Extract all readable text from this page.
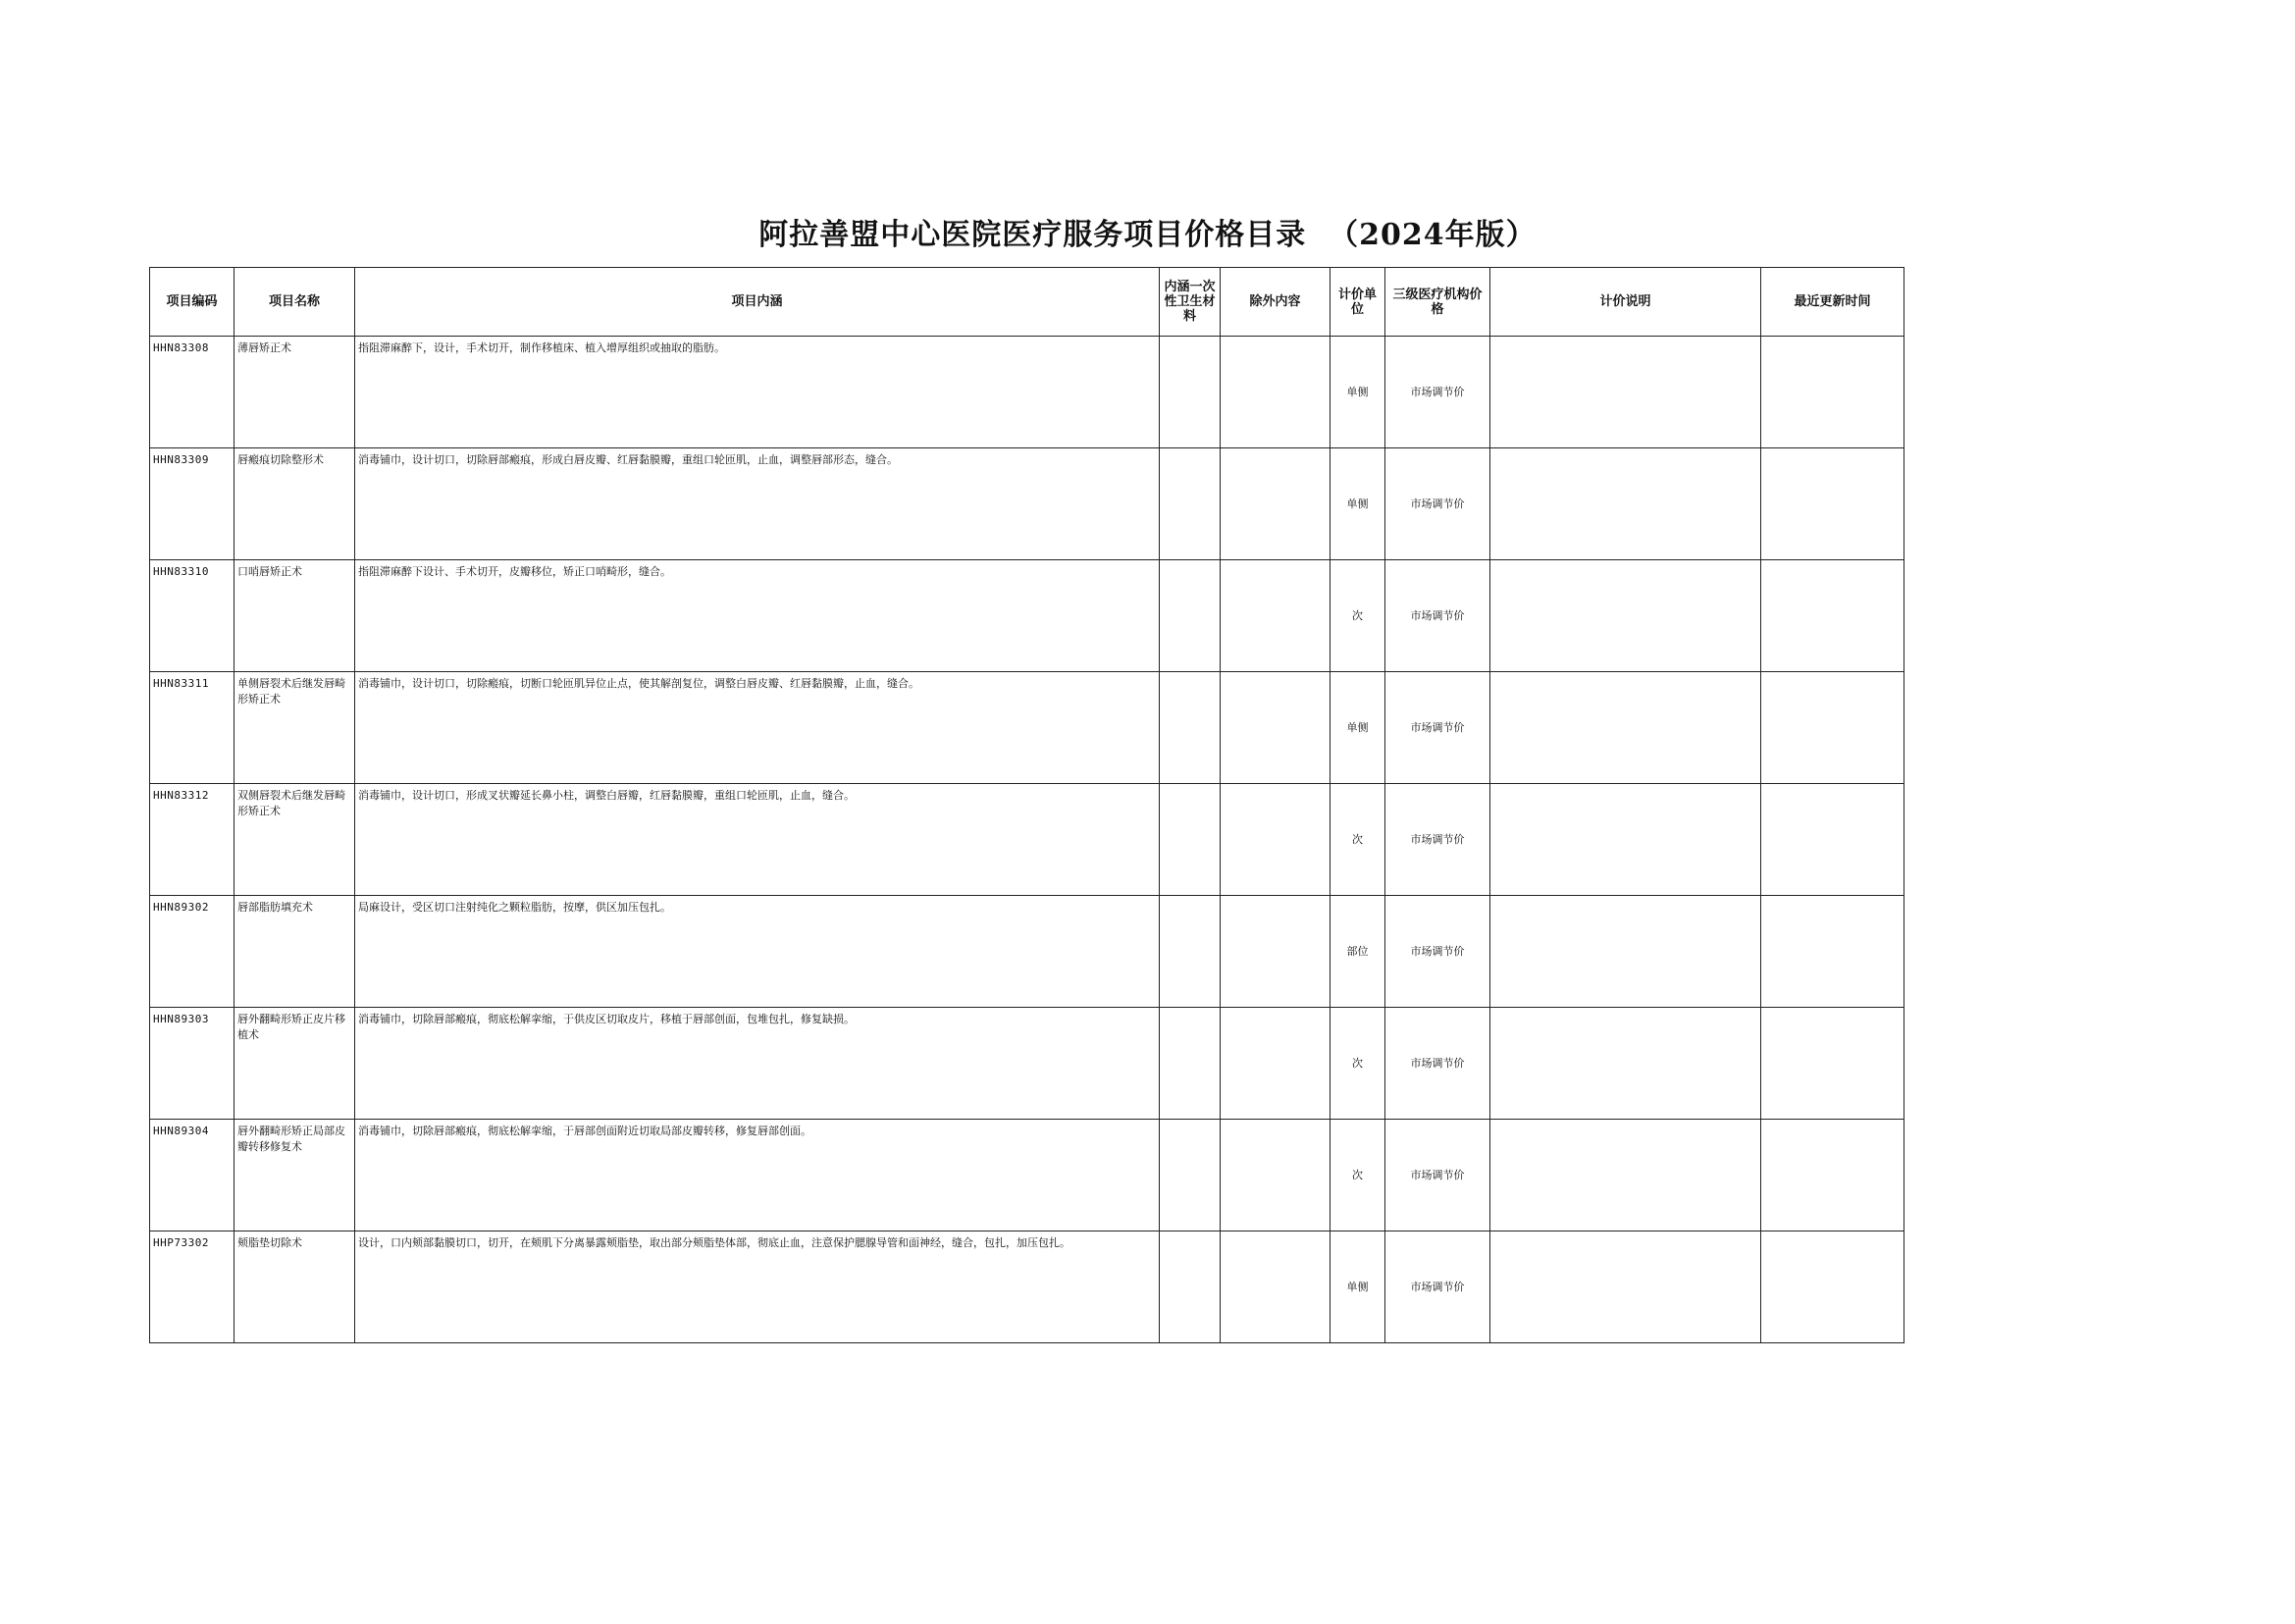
阿拉善盟中心医院医疗服务项目价格目录  （2024年版）
项目编码	项目名称	项目内涵	内涵一次性卫生材料	除外内容	计价单位	三级医疗机构价格	计价说明	最近更新时间
HHN83308	薄唇矫正术	指阻滞麻醉下，设计，手术切开，制作移植床、植入增厚组织或抽取的脂肪。			单侧	市场调节价		
HHN83309	唇瘢痕切除整形术	消毒铺巾，设计切口，切除唇部瘢痕，形成白唇皮瓣、红唇黏膜瓣，重组口轮匝肌，止血，调整唇部形态，缝合。			单侧	市场调节价		
HHN83310	口哨唇矫正术	指阻滞麻醉下设计、手术切开，皮瓣移位，矫正口哨畸形，缝合。			次	市场调节价		
HHN83311	单侧唇裂术后继发唇畸形矫正术	消毒铺巾，设计切口，切除瘢痕，切断口轮匝肌异位止点，使其解剖复位，调整白唇皮瓣、红唇黏膜瓣，止血，缝合。			单侧	市场调节价		
HHN83312	双侧唇裂术后继发唇畸形矫正术	消毒铺巾，设计切口，形成叉状瓣延长鼻小柱，调整白唇瓣，红唇黏膜瓣，重组口轮匝肌，止血，缝合。			次	市场调节价		
HHN89302	唇部脂肪填充术	局麻设计，受区切口注射纯化之颗粒脂肪，按摩，供区加压包扎。			部位	市场调节价		
HHN89303	唇外翻畸形矫正皮片移植术	消毒铺巾，切除唇部瘢痕，彻底松解挛缩，于供皮区切取皮片，移植于唇部创面，包堆包扎，修复缺损。			次	市场调节价		
HHN89304	唇外翻畸形矫正局部皮瓣转移修复术	消毒铺巾，切除唇部瘢痕，彻底松解挛缩，于唇部创面附近切取局部皮瓣转移，修复唇部创面。			次	市场调节价		
HHP73302	颊脂垫切除术	设计，口内颊部黏膜切口，切开，在颊肌下分离暴露颊脂垫，取出部分颊脂垫体部，彻底止血，注意保护腮腺导管和面神经，缝合，包扎，加压包扎。			单侧	市场调节价		
